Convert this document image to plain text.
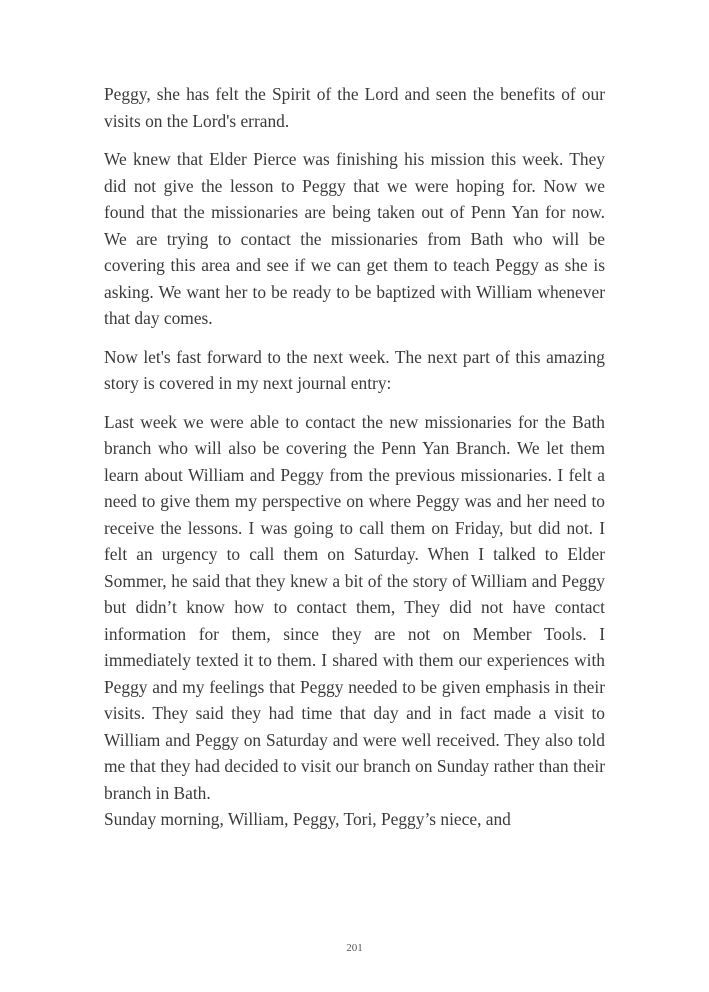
Peggy, she has felt the Spirit of the Lord and seen the benefits of our visits on the Lord's errand.

We knew that Elder Pierce was finishing his mission this week. They did not give the lesson to Peggy that we were hoping for. Now we found that the missionaries are being taken out of Penn Yan for now. We are trying to contact the missionaries from Bath who will be covering this area and see if we can get them to teach Peggy as she is asking. We want her to be ready to be baptized with William whenever that day comes.

Now let's fast forward to the next week. The next part of this amazing story is covered in my next journal entry:

Last week we were able to contact the new missionaries for the Bath branch who will also be covering the Penn Yan Branch. We let them learn about William and Peggy from the previous missionaries. I felt a need to give them my perspective on where Peggy was and her need to receive the lessons. I was going to call them on Friday, but did not. I felt an urgency to call them on Saturday. When I talked to Elder Sommer, he said that they knew a bit of the story of William and Peggy but didn’t know how to contact them, They did not have contact information for them, since they are not on Member Tools. I immediately texted it to them. I shared with them our experiences with Peggy and my feelings that Peggy needed to be given emphasis in their visits. They said they had time that day and in fact made a visit to William and Peggy on Saturday and were well received. They also told me that they had decided to visit our branch on Sunday rather than their branch in Bath.

Sunday morning, William, Peggy, Tori, Peggy’s niece, and

201
